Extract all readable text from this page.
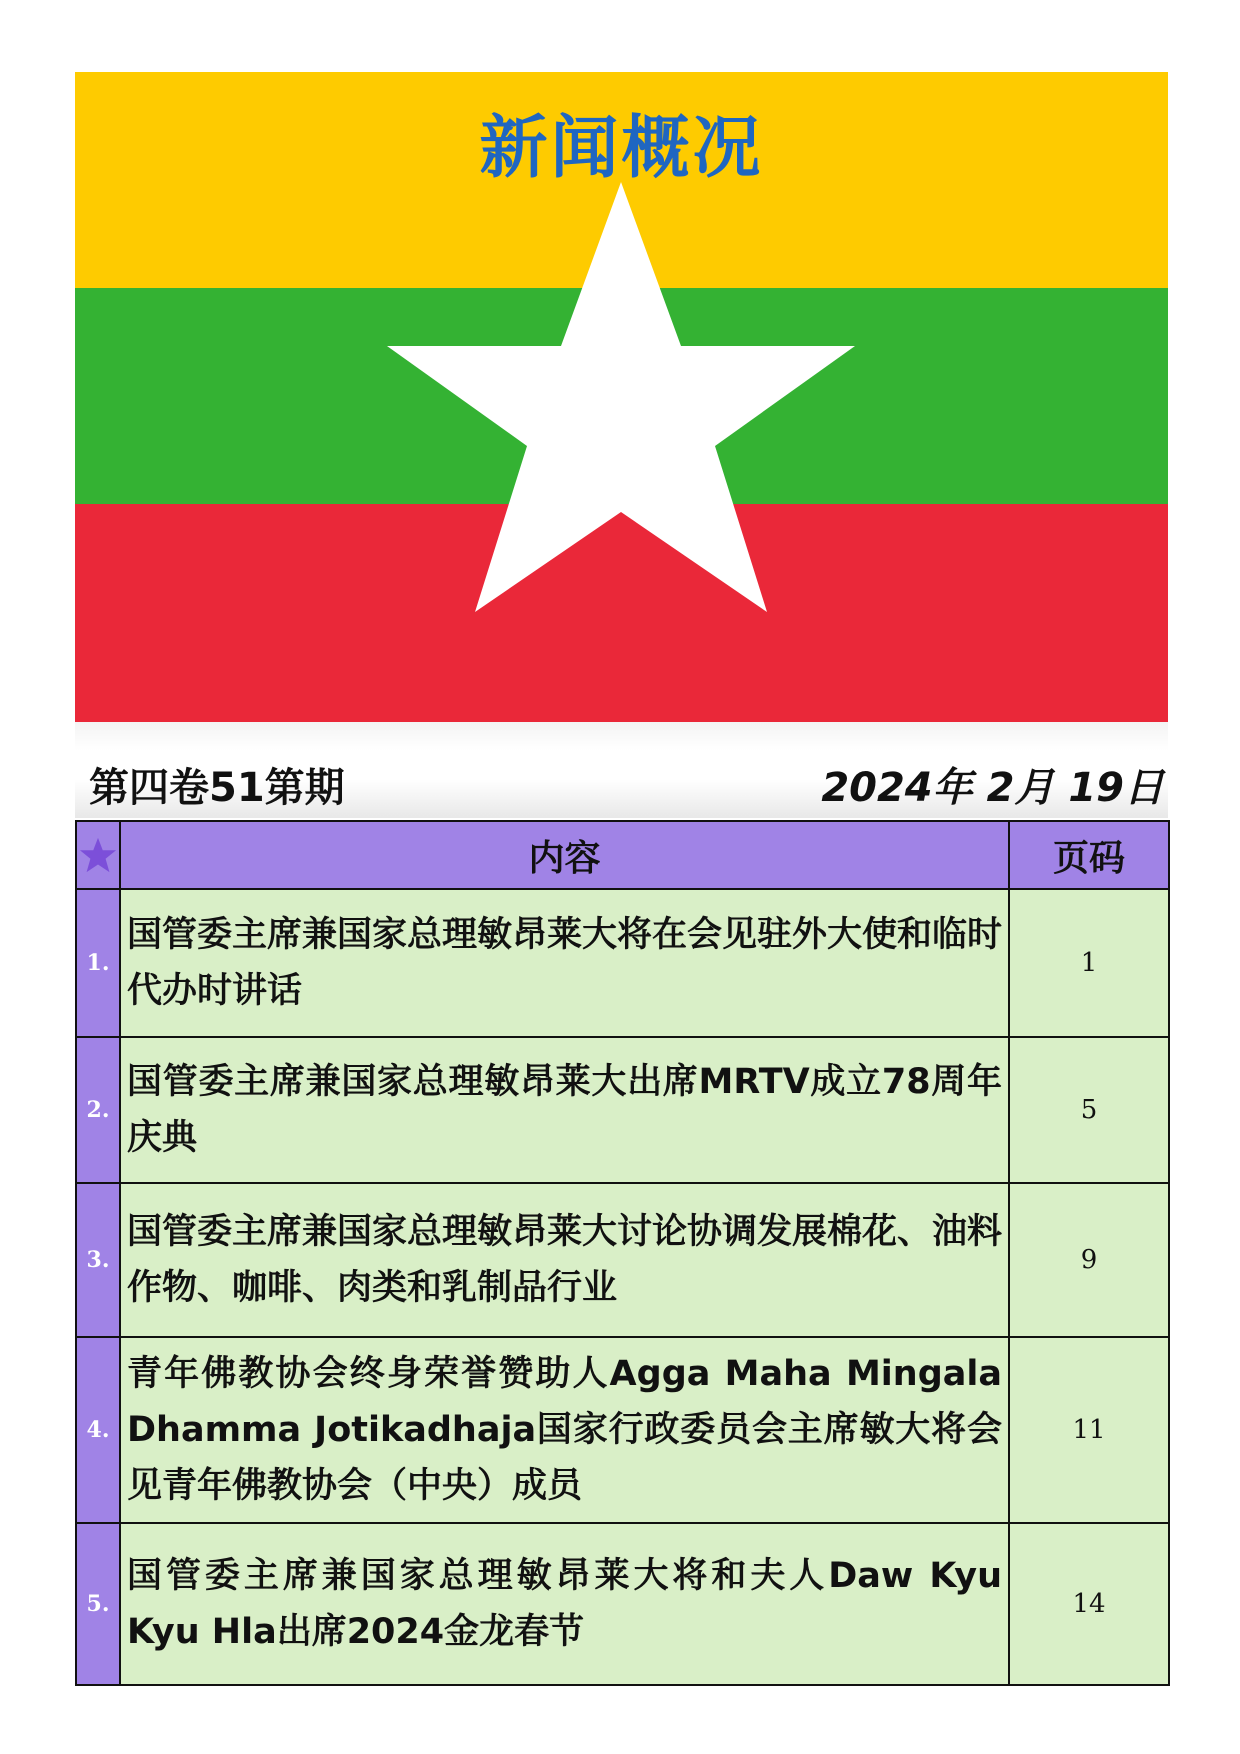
新闻概况
第四卷51第期	2024年 2月 19日
	内容	页码
1.	国管委主席兼国家总理敏昂莱大将在会见驻外大使和临时代办时讲话	1
2.	国管委主席兼国家总理敏昂莱大出席MRTV成立78周年庆典	5
3.	国管委主席兼国家总理敏昂莱大讨论协调发展棉花、油料作物、咖啡、肉类和乳制品行业	9
4.	青年佛教协会终身荣誉赞助人Agga Maha Mingala Dhamma Jotikadhaja国家行政委员会主席敏大将会见青年佛教协会（中央）成员	11
5.	国管委主席兼国家总理敏昂莱大将和夫人Daw Kyu Kyu Hla出席2024金龙春节	14
